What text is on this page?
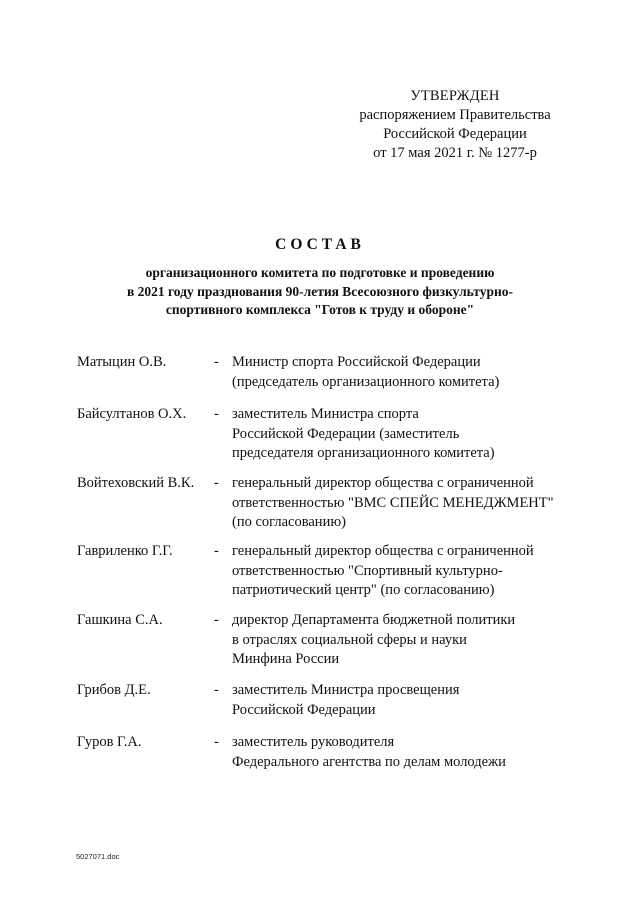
УТВЕРЖДЕН
распоряжением Правительства
Российской Федерации
от 17 мая 2021 г. № 1277-р
СОСТАВ
организационного комитета по подготовке и проведению
в 2021 году празднования 90-летия Всесоюзного физкультурно-
спортивного комплекса "Готов к труду и обороне"
Матыцин О.В.	- Министр спорта Российской Федерации
(председатель организационного комитета)
Байсултанов О.Х. - заместитель Министра спорта
Российской Федерации (заместитель
председателя организационного комитета)
Войтеховский В.К. - генеральный директор общества с ограниченной
ответственностью "ВМС СПЕЙС МЕНЕДЖМЕНТ"
(по согласованию)
Гавриленко Г.Г.	- генеральный директор общества с ограниченной
ответственностью "Спортивный культурно-
патриотический центр" (по согласованию)
Гашкина С.А.	- директор Департамента бюджетной политики
в отраслях социальной сферы и науки
Минфина России
Грибов Д.Е.	- заместитель Министра просвещения
Российской Федерации
Гуров Г.А.	- заместитель руководителя
Федерального агентства по делам молодежи
5027071.doc
